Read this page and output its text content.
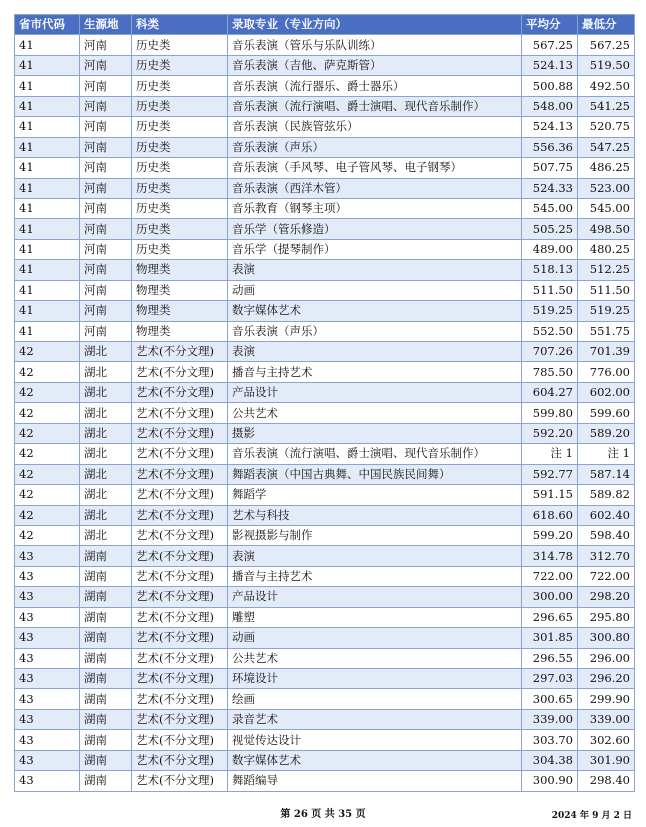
省市代码	生源地	科类	录取专业（专业方向）	平均分	最低分
41	河南	历史类	音乐表演（管乐与乐队训练）	567.25	567.25
41	河南	历史类	音乐表演（吉他、萨克斯管）	524.13	519.50
41	河南	历史类	音乐表演（流行器乐、爵士器乐）	500.88	492.50
41	河南	历史类	音乐表演（流行演唱、爵士演唱、现代音乐制作）	548.00	541.25
41	河南	历史类	音乐表演（民族管弦乐）	524.13	520.75
41	河南	历史类	音乐表演（声乐）	556.36	547.25
41	河南	历史类	音乐表演（手风琴、电子管风琴、电子钢琴）	507.75	486.25
41	河南	历史类	音乐表演（西洋木管）	524.33	523.00
41	河南	历史类	音乐教育（钢琴主项）	545.00	545.00
41	河南	历史类	音乐学（管乐修造）	505.25	498.50
41	河南	历史类	音乐学（提琴制作）	489.00	480.25
41	河南	物理类	表演	518.13	512.25
41	河南	物理类	动画	511.50	511.50
41	河南	物理类	数字媒体艺术	519.25	519.25
41	河南	物理类	音乐表演（声乐）	552.50	551.75
42	湖北	艺术(不分文理)	表演	707.26	701.39
42	湖北	艺术(不分文理)	播音与主持艺术	785.50	776.00
42	湖北	艺术(不分文理)	产品设计	604.27	602.00
42	湖北	艺术(不分文理)	公共艺术	599.80	599.60
42	湖北	艺术(不分文理)	摄影	592.20	589.20
42	湖北	艺术(不分文理)	音乐表演（流行演唱、爵士演唱、现代音乐制作）	注 1	注 1
42	湖北	艺术(不分文理)	舞蹈表演（中国古典舞、中国民族民间舞）	592.77	587.14
42	湖北	艺术(不分文理)	舞蹈学	591.15	589.82
42	湖北	艺术(不分文理)	艺术与科技	618.60	602.40
42	湖北	艺术(不分文理)	影视摄影与制作	599.20	598.40
43	湖南	艺术(不分文理)	表演	314.78	312.70
43	湖南	艺术(不分文理)	播音与主持艺术	722.00	722.00
43	湖南	艺术(不分文理)	产品设计	300.00	298.20
43	湖南	艺术(不分文理)	雕塑	296.65	295.80
43	湖南	艺术(不分文理)	动画	301.85	300.80
43	湖南	艺术(不分文理)	公共艺术	296.55	296.00
43	湖南	艺术(不分文理)	环境设计	297.03	296.20
43	湖南	艺术(不分文理)	绘画	300.65	299.90
43	湖南	艺术(不分文理)	录音艺术	339.00	339.00
43	湖南	艺术(不分文理)	视觉传达设计	303.70	302.60
43	湖南	艺术(不分文理)	数字媒体艺术	304.38	301.90
43	湖南	艺术(不分文理)	舞蹈编导	300.90	298.40
第 26 页 共 35 页	2024 年 9 月 2 日
